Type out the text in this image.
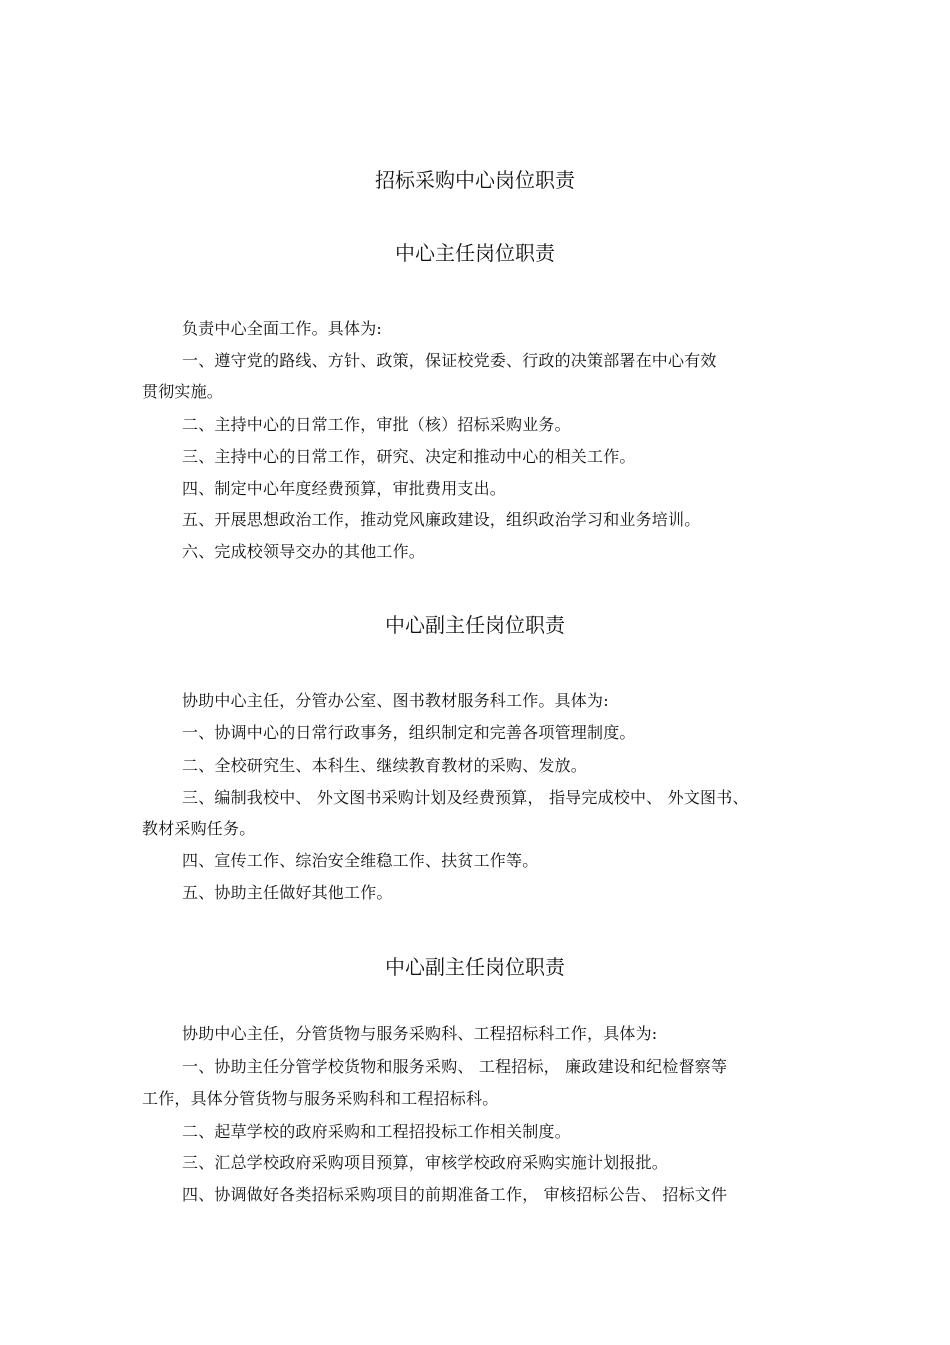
招标采购中心岗位职责
中心主任岗位职责
负责中心全面工作。具体为:
一、遵守党的路线、方针、政策，保证校党委、行政的决策部署在中心有效
贯彻实施。
二、主持中心的日常工作，审批（核）招标采购业务。
三、主持中心的日常工作，研究、决定和推动中心的相关工作。
四、制定中心年度经费预算，审批费用支出。
五、开展思想政治工作，推动党风廉政建设，组织政治学习和业务培训。
六、完成校领导交办的其他工作。
中心副主任岗位职责
协助中心主任，分管办公室、图书教材服务科工作。具体为:
一、协调中心的日常行政事务，组织制定和完善各项管理制度。
二、全校研究生、本科生、继续教育教材的采购、发放。
三、编制我校中、 外文图书采购计划及经费预算， 指导完成校中、 外文图书、
教材采购任务。
四、宣传工作、综治安全维稳工作、扶贫工作等。
五、协助主任做好其他工作。
中心副主任岗位职责
协助中心主任，分管货物与服务采购科、工程招标科工作，具体为:
一、协助主任分管学校货物和服务采购、 工程招标， 廉政建设和纪检督察等
工作，具体分管货物与服务采购科和工程招标科。
二、起草学校的政府采购和工程招投标工作相关制度。
三、汇总学校政府采购项目预算，审核学校政府采购实施计划报批。
四、协调做好各类招标采购项目的前期准备工作， 审核招标公告、 招标文件
